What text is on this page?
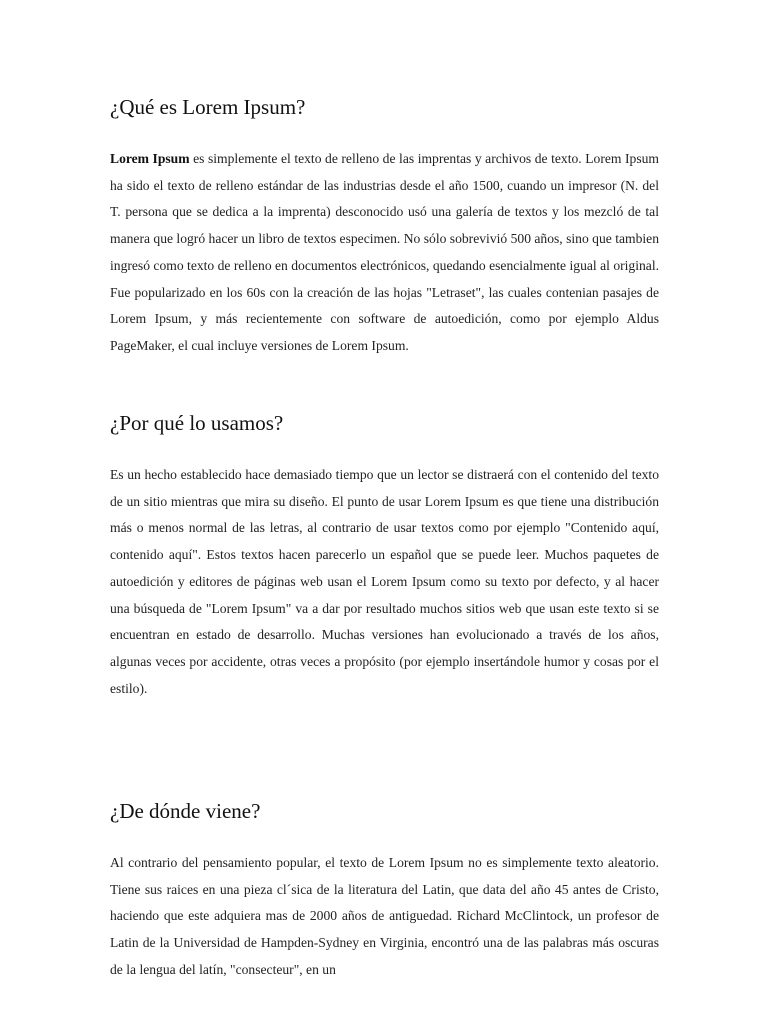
¿Qué es Lorem Ipsum?

Lorem Ipsum es simplemente el texto de relleno de las imprentas y archivos de texto. Lorem Ipsum ha sido el texto de relleno estándar de las industrias desde el año 1500, cuando un impresor (N. del T. persona que se dedica a la imprenta) desconocido usó una galería de textos y los mezcló de tal manera que logró hacer un libro de textos especimen. No sólo sobrevivió 500 años, sino que tambien ingresó como texto de relleno en documentos electrónicos, quedando esencialmente igual al original. Fue popularizado en los 60s con la creación de las hojas "Letraset", las cuales contenian pasajes de Lorem Ipsum, y más recientemente con software de autoedición, como por ejemplo Aldus PageMaker, el cual incluye versiones de Lorem Ipsum.

¿Por qué lo usamos?

Es un hecho establecido hace demasiado tiempo que un lector se distraerá con el contenido del texto de un sitio mientras que mira su diseño. El punto de usar Lorem Ipsum es que tiene una distribución más o menos normal de las letras, al contrario de usar textos como por ejemplo "Contenido aquí, contenido aquí". Estos textos hacen parecerlo un español que se puede leer. Muchos paquetes de autoedición y editores de páginas web usan el Lorem Ipsum como su texto por defecto, y al hacer una búsqueda de "Lorem Ipsum" va a dar por resultado muchos sitios web que usan este texto si se encuentran en estado de desarrollo. Muchas versiones han evolucionado a través de los años, algunas veces por accidente, otras veces a propósito (por ejemplo insertándole humor y cosas por el estilo).

¿De dónde viene?

Al contrario del pensamiento popular, el texto de Lorem Ipsum no es simplemente texto aleatorio. Tiene sus raices en una pieza cl´sica de la literatura del Latin, que data del año 45 antes de Cristo, haciendo que este adquiera mas de 2000 años de antiguedad. Richard McClintock, un profesor de Latin de la Universidad de Hampden-Sydney en Virginia, encontró una de las palabras más oscuras de la lengua del latín, "consecteur", en un
